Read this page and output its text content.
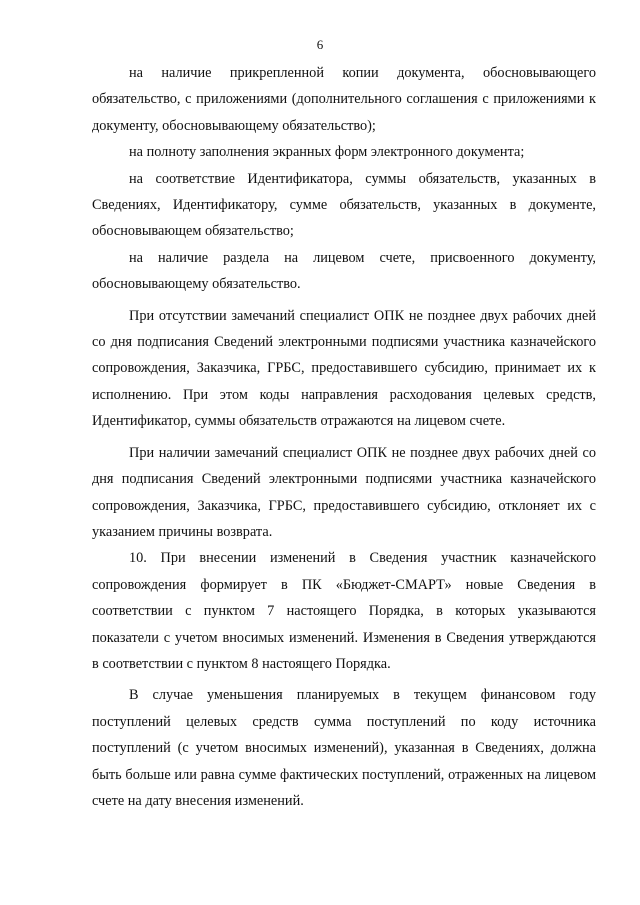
6

на наличие прикрепленной копии документа, обосновывающего обязательство, с приложениями (дополнительного соглашения с приложениями к документу, обосновывающему обязательство);

на полноту заполнения экранных форм электронного документа;

на соответствие Идентификатора, суммы обязательств, указанных в Сведениях, Идентификатору, сумме обязательств, указанных в документе, обосновывающем обязательство;

на наличие раздела на лицевом счете, присвоенного документу, обосновывающему обязательство.

При отсутствии замечаний специалист ОПК не позднее двух рабочих дней со дня подписания Сведений электронными подписями участника казначейского сопровождения, Заказчика, ГРБС, предоставившего субсидию, принимает их к исполнению. При этом коды направления расходования целевых средств, Идентификатор, суммы обязательств отражаются на лицевом счете.

При наличии замечаний специалист ОПК не позднее двух рабочих дней со дня подписания Сведений электронными подписями участника казначейского сопровождения, Заказчика, ГРБС, предоставившего субсидию, отклоняет их с указанием причины возврата.

10. При внесении изменений в Сведения участник казначейского сопровождения формирует в ПК «Бюджет-СМАРТ» новые Сведения в соответствии с пунктом 7 настоящего Порядка, в которых указываются показатели с учетом вносимых изменений. Изменения в Сведения утверждаются в соответствии с пунктом 8 настоящего Порядка.

В случае уменьшения планируемых в текущем финансовом году поступлений целевых средств сумма поступлений по коду источника поступлений (с учетом вносимых изменений), указанная в Сведениях, должна быть больше или равна сумме фактических поступлений, отраженных на лицевом счете на дату внесения изменений.
